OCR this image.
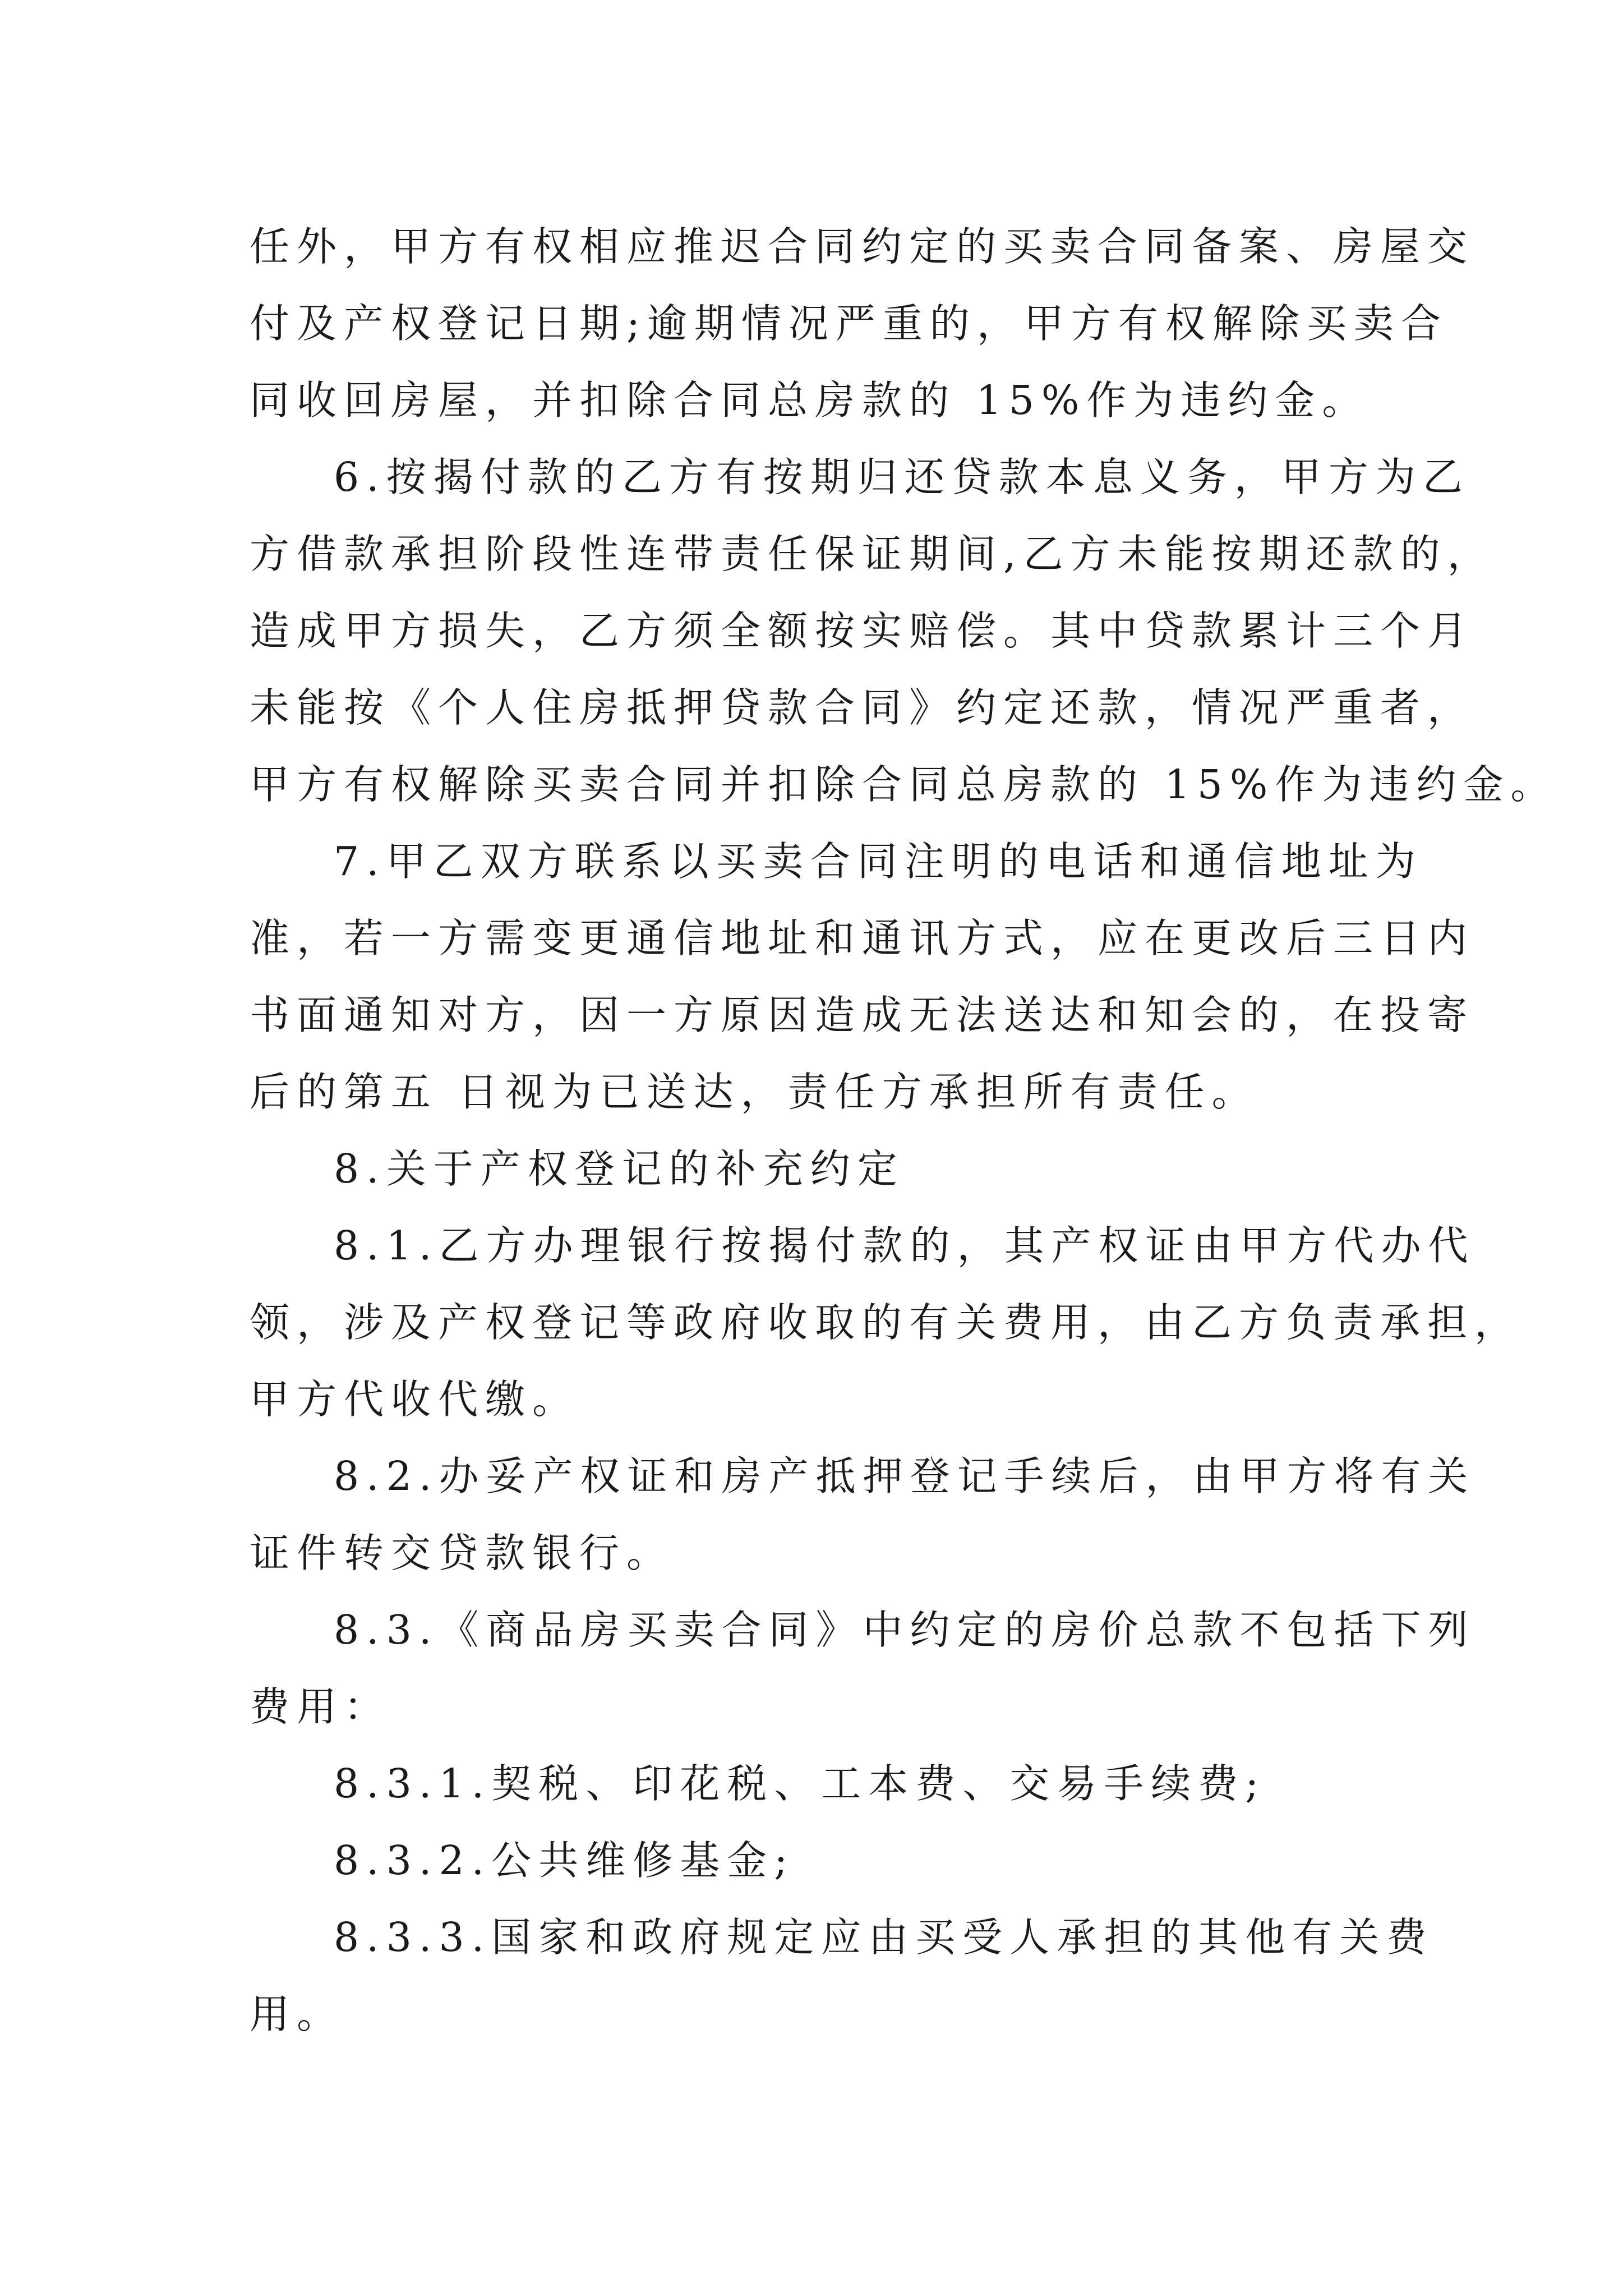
任外，甲方有权相应推迟合同约定的买卖合同备案、房屋交
付及产权登记日期;逾期情况严重的，甲方有权解除买卖合
同收回房屋，并扣除合同总房款的 15%作为违约金。
6.按揭付款的乙方有按期归还贷款本息义务，甲方为乙
方借款承担阶段性连带责任保证期间,乙方未能按期还款的，
造成甲方损失，乙方须全额按实赔偿。其中贷款累计三个月
未能按《个人住房抵押贷款合同》约定还款，情况严重者，
甲方有权解除买卖合同并扣除合同总房款的 15%作为违约金。
7.甲乙双方联系以买卖合同注明的电话和通信地址为
准，若一方需变更通信地址和通讯方式，应在更改后三日内
书面通知对方，因一方原因造成无法送达和知会的，在投寄
后的第五 日视为已送达，责任方承担所有责任。
8.关于产权登记的补充约定
8.1.乙方办理银行按揭付款的，其产权证由甲方代办代
领，涉及产权登记等政府收取的有关费用，由乙方负责承担，
甲方代收代缴。
8.2.办妥产权证和房产抵押登记手续后，由甲方将有关
证件转交贷款银行。
8.3.《商品房买卖合同》中约定的房价总款不包括下列
费用：
8.3.1.契税、印花税、工本费、交易手续费;
8.3.2.公共维修基金;
8.3.3.国家和政府规定应由买受人承担的其他有关费
用。
